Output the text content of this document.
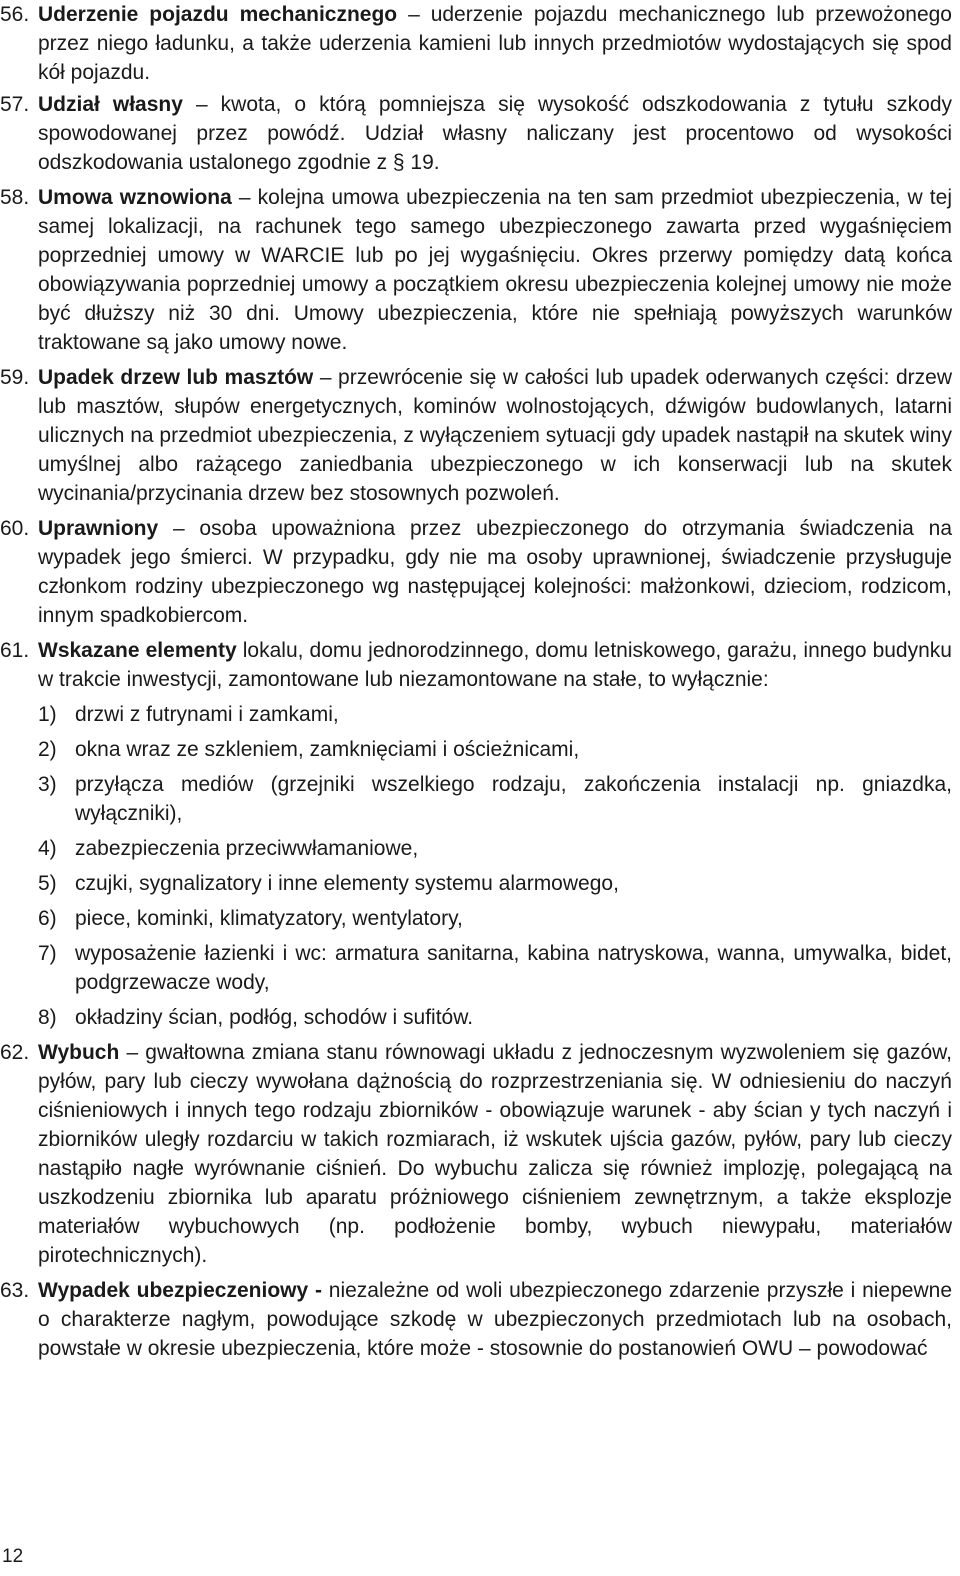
56. Uderzenie pojazdu mechanicznego – uderzenie pojazdu mechanicznego lub przewożonego przez niego ładunku, a także uderzenia kamieni lub innych przedmiotów wydostających się spod kół pojazdu.
57. Udział własny – kwota, o którą pomniejsza się wysokość odszkodowania z tytułu szkody spowodowanej przez powódź. Udział własny naliczany jest procentowo od wysokości odszkodowania ustalonego zgodnie z § 19.
58. Umowa wznowiona – kolejna umowa ubezpieczenia na ten sam przedmiot ubezpieczenia, w tej samej lokalizacji, na rachunek tego samego ubezpieczonego zawarta przed wygaśnięciem poprzedniej umowy w WARCIE lub po jej wygaśnięciu. Okres przerwy pomiędzy datą końca obowiązywania poprzedniej umowy a początkiem okresu ubezpieczenia kolejnej umowy nie może być dłuższy niż 30 dni. Umowy ubezpieczenia, które nie spełniają powyższych warunków traktowane są jako umowy nowe.
59. Upadek drzew lub masztów – przewrócenie się w całości lub upadek oderwanych części: drzew lub masztów, słupów energetycznych, kominów wolnostojących, dźwigów budowlanych, latarni ulicznych na przedmiot ubezpieczenia, z wyłączeniem sytuacji gdy upadek nastąpił na skutek winy umyślnej albo rażącego zaniedbania ubezpieczonego w ich konserwacji lub na skutek wycinania/przycinania drzew bez stosownych pozwoleń.
60. Uprawniony – osoba upoważniona przez ubezpieczonego do otrzymania świadczenia na wypadek jego śmierci. W przypadku, gdy nie ma osoby uprawnionej, świadczenie przysługuje członkom rodziny ubezpieczonego wg następującej kolejności: małżonkowi, dzieciom, rodzicom, innym spadkobiercom.
61. Wskazane elementy lokalu, domu jednorodzinnego, domu letniskowego, garażu, innego budynku w trakcie inwestycji, zamontowane lub niezamontowane na stałe, to wyłącznie:
1) drzwi z futrynami i zamkami,
2) okna wraz ze szkleniem, zamknięciami i ościeżnicami,
3) przyłącza mediów (grzejniki wszelkiego rodzaju, zakończenia instalacji np. gniazdka, wyłączniki),
4) zabezpieczenia przeciwwłamaniowe,
5) czujki, sygnalizatory i inne elementy systemu alarmowego,
6) piece, kominki, klimatyzatory, wentylatory,
7) wyposażenie łazienki i wc: armatura sanitarna, kabina natryskowa, wanna, umywalka, bidet, podgrzewacze wody,
8) okładziny ścian, podłóg, schodów i sufitów.
62. Wybuch – gwałtowna zmiana stanu równowagi układu z jednoczesnym wyzwoleniem się gazów, pyłów, pary lub cieczy wywołana dążnością do rozprzestrzeniania się. W odniesieniu do naczyń ciśnieniowych i innych tego rodzaju zbiorników - obowiązuje warunek - aby ścian y tych naczyń i zbiorników uległy rozdarciu w takich rozmiarach, iż wskutek ujścia gazów, pyłów, pary lub cieczy nastąpiło nagłe wyrównanie ciśnień. Do wybuchu zalicza się również implozję, polegającą na uszkodzeniu zbiornika lub aparatu próżniowego ciśnieniem zewnętrznym, a także eksplozje materiałów wybuchowych (np. podłożenie bomby, wybuch niewypału, materiałów pirotechnicznych).
63. Wypadek ubezpieczeniowy - niezależne od woli ubezpieczonego zdarzenie przyszłe i niepewne o charakterze nagłym, powodujące szkodę w ubezpieczonych przedmiotach lub na osobach, powstałe w okresie ubezpieczenia, które może - stosownie do postanowień OWU – powodować
12
